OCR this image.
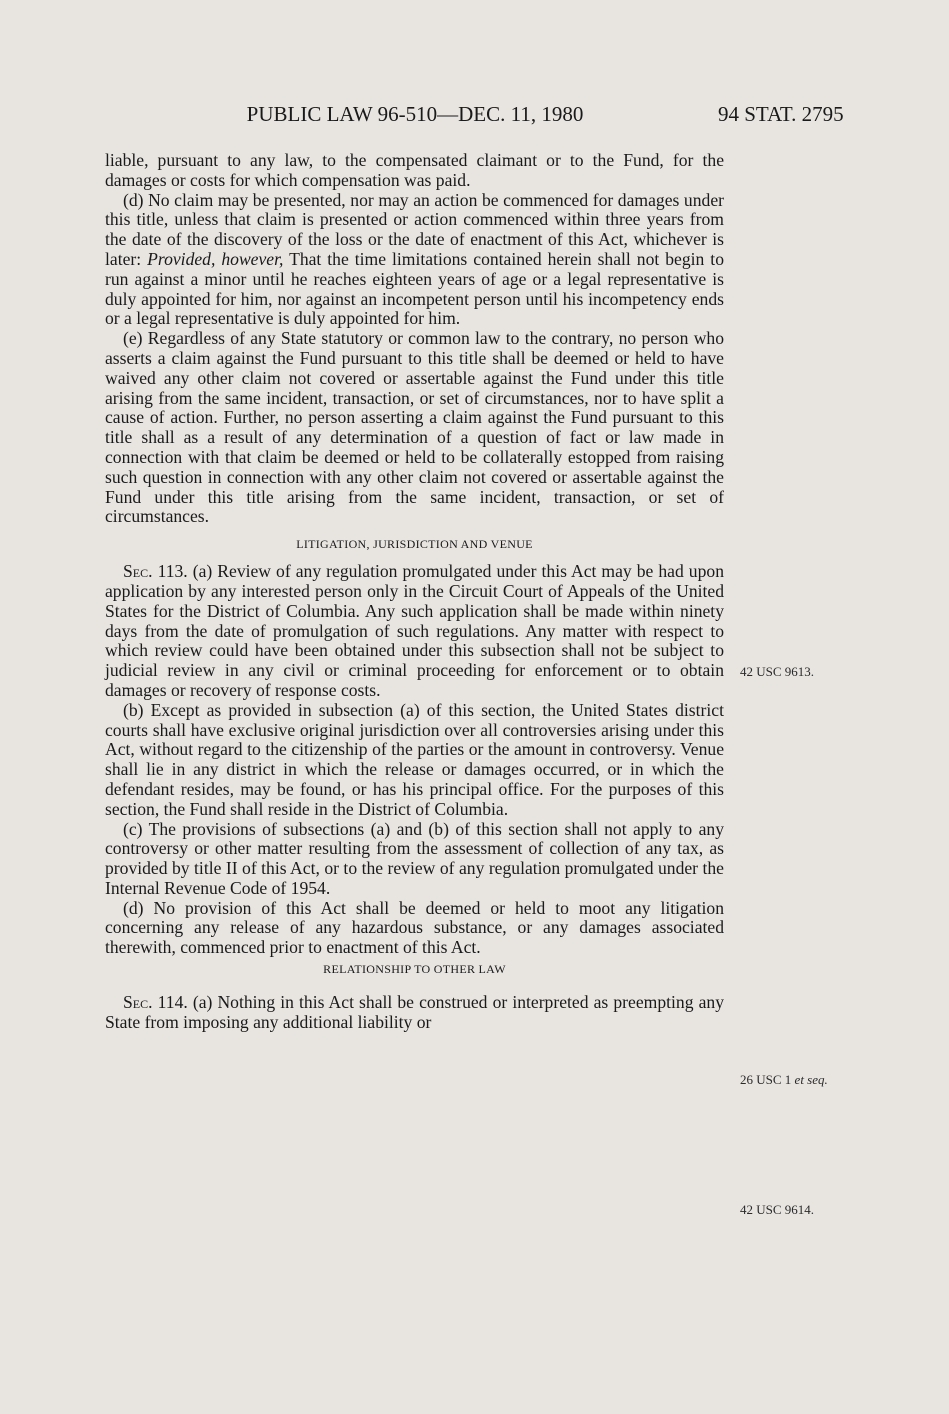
PUBLIC LAW 96-510—DEC. 11, 1980	94 STAT. 2795

liable, pursuant to any law, to the compensated claimant or to the Fund, for the damages or costs for which compensation was paid.

(d) No claim may be presented, nor may an action be commenced for damages under this title, unless that claim is presented or action commenced within three years from the date of the discovery of the loss or the date of enactment of this Act, whichever is later: Provided, however, That the time limitations contained herein shall not begin to run against a minor until he reaches eighteen years of age or a legal representative is duly appointed for him, nor against an incompetent person until his incompetency ends or a legal representative is duly appointed for him.

(e) Regardless of any State statutory or common law to the contrary, no person who asserts a claim against the Fund pursuant to this title shall be deemed or held to have waived any other claim not covered or assertable against the Fund under this title arising from the same incident, transaction, or set of circumstances, nor to have split a cause of action. Further, no person asserting a claim against the Fund pursuant to this title shall as a result of any determination of a question of fact or law made in connection with that claim be deemed or held to be collaterally estopped from raising such question in connection with any other claim not covered or assertable against the Fund under this title arising from the same incident, transaction, or set of circumstances.

LITIGATION, JURISDICTION AND VENUE

Sec. 113. (a) Review of any regulation promulgated under this Act may be had upon application by any interested person only in the Circuit Court of Appeals of the United States for the District of Columbia. Any such application shall be made within ninety days from the date of promulgation of such regulations. Any matter with respect to which review could have been obtained under this subsection shall not be subject to judicial review in any civil or criminal proceeding for enforcement or to obtain damages or recovery of response costs.

(b) Except as provided in subsection (a) of this section, the United States district courts shall have exclusive original jurisdiction over all controversies arising under this Act, without regard to the citizenship of the parties or the amount in controversy. Venue shall lie in any district in which the release or damages occurred, or in which the defendant resides, may be found, or has his principal office. For the purposes of this section, the Fund shall reside in the District of Columbia.

(c) The provisions of subsections (a) and (b) of this section shall not apply to any controversy or other matter resulting from the assessment of collection of any tax, as provided by title II of this Act, or to the review of any regulation promulgated under the Internal Revenue Code of 1954.

(d) No provision of this Act shall be deemed or held to moot any litigation concerning any release of any hazardous substance, or any damages associated therewith, commenced prior to enactment of this Act.

RELATIONSHIP TO OTHER LAW

Sec. 114. (a) Nothing in this Act shall be construed or interpreted as preempting any State from imposing any additional liability or

42 USC 9613.
26 USC 1 et seq.
42 USC 9614.
